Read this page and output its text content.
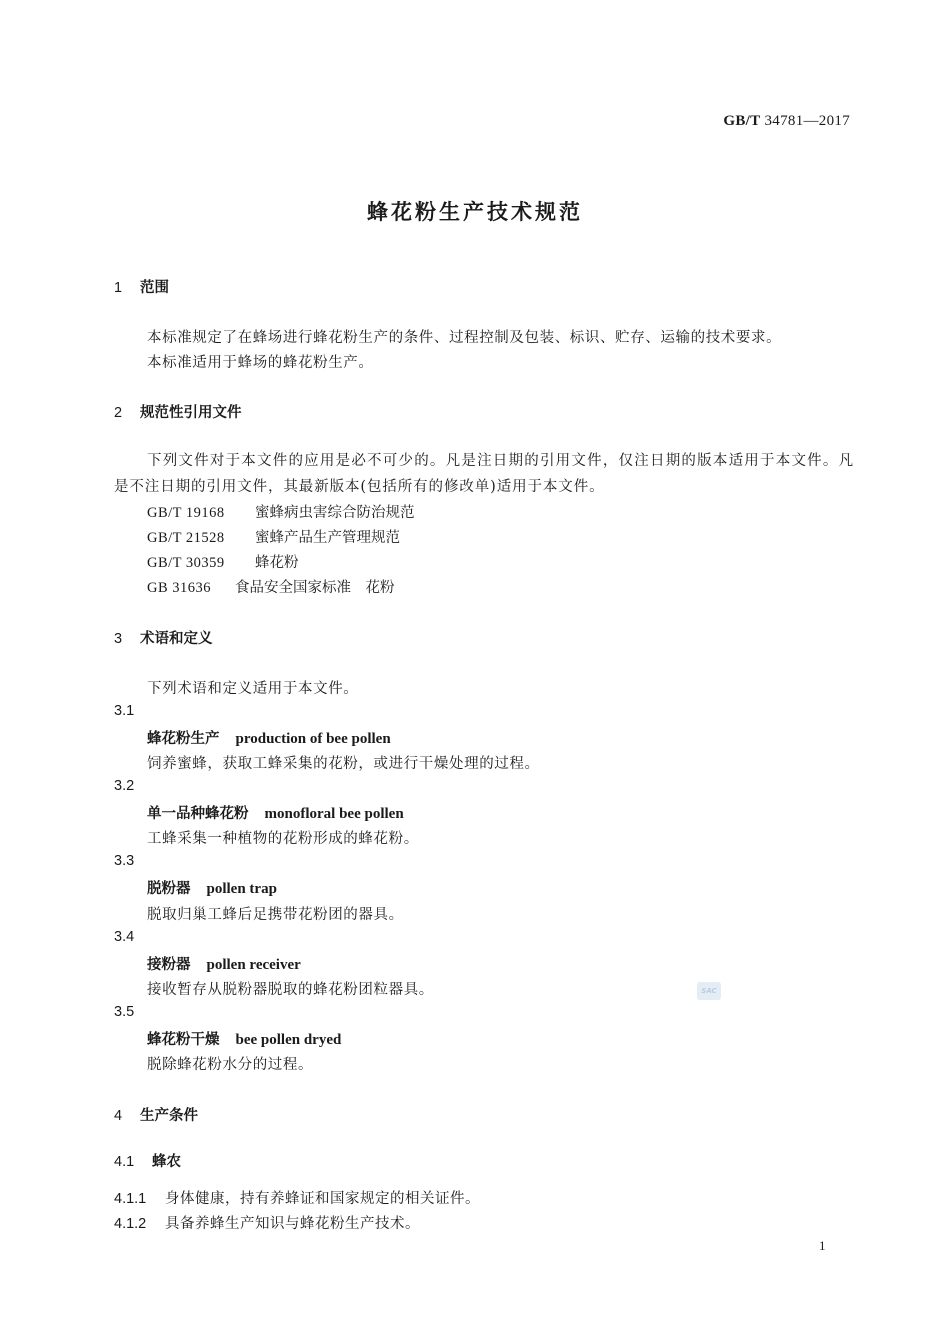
GB/T 34781—2017
蜂花粉生产技术规范
1 范围
本标准规定了在蜂场进行蜂花粉生产的条件、过程控制及包装、标识、贮存、运输的技术要求。
本标准适用于蜂场的蜂花粉生产。
2 规范性引用文件
下列文件对于本文件的应用是必不可少的。凡是注日期的引用文件，仅注日期的版本适用于本文件。凡是不注日期的引用文件，其最新版本(包括所有的修改单)适用于本文件。
GB/T 19168 蜜蜂病虫害综合防治规范
GB/T 21528 蜜蜂产品生产管理规范
GB/T 30359 蜂花粉
GB 31636 食品安全国家标准　花粉
3 术语和定义
下列术语和定义适用于本文件。
3.1
蜂花粉生产 production of bee pollen
饲养蜜蜂，获取工蜂采集的花粉，或进行干燥处理的过程。
3.2
单一品种蜂花粉 monofloral bee pollen
工蜂采集一种植物的花粉形成的蜂花粉。
3.3
脱粉器 pollen trap
脱取归巢工蜂后足携带花粉团的器具。
3.4
接粉器 pollen receiver
接收暂存从脱粉器脱取的蜂花粉团粒器具。	SAC
3.5
蜂花粉干燥 bee pollen dryed
脱除蜂花粉水分的过程。
4 生产条件
4.1 蜂农
4.1.1 身体健康，持有养蜂证和国家规定的相关证件。
4.1.2 具备养蜂生产知识与蜂花粉生产技术。
1
